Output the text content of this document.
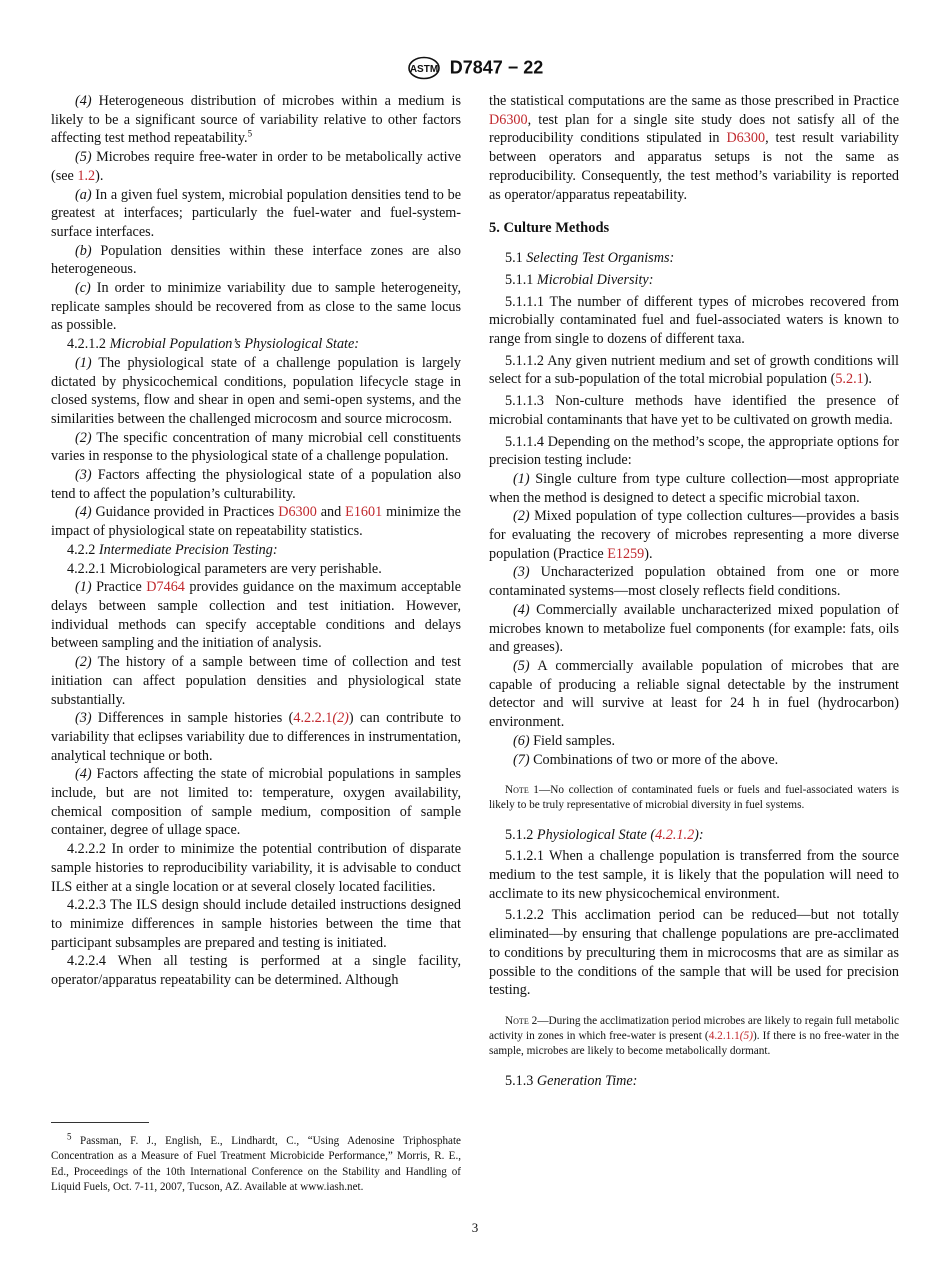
ASTM D7847 − 22

(4) Heterogeneous distribution of microbes within a medium is likely to be a significant source of variability relative to other factors affecting test method repeatability.$^5$

(5) Microbes require free-water in order to be metabolically active (see 1.2).

(a) In a given fuel system, microbial population densities tend to be greatest at interfaces; particularly the fuel-water and fuel-system-surface interfaces.

(b) Population densities within these interface zones are also heterogeneous.

(c) In order to minimize variability due to sample heterogeneity, replicate samples should be recovered from as close to the same locus as possible.

4.2.1.2 Microbial Population’s Physiological State:

(1) The physiological state of a challenge population is largely dictated by physicochemical conditions, population lifecycle stage in closed systems, flow and shear in open and semi-open systems, and the similarities between the challenged microcosm and source microcosm.

(2) The specific concentration of many microbial cell constituents varies in response to the physiological state of a challenge population.

(3) Factors affecting the physiological state of a population also tend to affect the population’s culturability.

(4) Guidance provided in Practices D6300 and E1601 minimize the impact of physiological state on repeatability statistics.

4.2.2 Intermediate Precision Testing:

4.2.2.1 Microbiological parameters are very perishable.

(1) Practice D7464 provides guidance on the maximum acceptable delays between sample collection and test initiation. However, individual methods can specify acceptable conditions and delays between sampling and the initiation of analysis.

(2) The history of a sample between time of collection and test initiation can affect population densities and physiological state substantially.

(3) Differences in sample histories (4.2.2.1(2)) can contribute to variability that eclipses variability due to differences in instrumentation, analytical technique or both.

(4) Factors affecting the state of microbial populations in samples include, but are not limited to: temperature, oxygen availability, chemical composition of sample medium, composition of sample container, degree of ullage space.

4.2.2.2 In order to minimize the potential contribution of disparate sample histories to reproducibility variability, it is advisable to conduct ILS either at a single location or at several closely located facilities.

4.2.2.3 The ILS design should include detailed instructions designed to minimize differences in sample histories between the time that participant subsamples are prepared and testing is initiated.

4.2.2.4 When all testing is performed at a single facility, operator/apparatus repeatability can be determined. Although

the statistical computations are the same as those prescribed in Practice D6300, test plan for a single site study does not satisfy all of the reproducibility conditions stipulated in D6300, test result variability between operators and apparatus setups is not the same as reproducibility. Consequently, the test method’s variability is reported as operator/apparatus repeatability.

5. Culture Methods

5.1 Selecting Test Organisms:

5.1.1 Microbial Diversity:

5.1.1.1 The number of different types of microbes recovered from microbially contaminated fuel and fuel-associated waters is known to range from single to dozens of different taxa.

5.1.1.2 Any given nutrient medium and set of growth conditions will select for a sub-population of the total microbial population (5.2.1).

5.1.1.3 Non-culture methods have identified the presence of microbial contaminants that have yet to be cultivated on growth media.

5.1.1.4 Depending on the method’s scope, the appropriate options for precision testing include:

(1) Single culture from type culture collection—most appropriate when the method is designed to detect a specific microbial taxon.

(2) Mixed population of type collection cultures—provides a basis for evaluating the recovery of microbes representing a more diverse population (Practice E1259).

(3) Uncharacterized population obtained from one or more contaminated systems—most closely reflects field conditions.

(4) Commercially available uncharacterized mixed population of microbes known to metabolize fuel components (for example: fats, oils and greases).

(5) A commercially available population of microbes that are capable of producing a reliable signal detectable by the instrument detector and will survive at least for 24 h in fuel (hydrocarbon) environment.

(6) Field samples.

(7) Combinations of two or more of the above.

Note 1—No collection of contaminated fuels or fuels and fuel-associated waters is likely to be truly representative of microbial diversity in fuel systems.

5.1.2 Physiological State (4.2.1.2):

5.1.2.1 When a challenge population is transferred from the source medium to the test sample, it is likely that the population will need to acclimate to its new physicochemical environment.

5.1.2.2 This acclimation period can be reduced—but not totally eliminated—by ensuring that challenge populations are pre-acclimated to conditions by preculturing them in microcosms that are as similar as possible to the conditions of the sample that will be used for precision testing.

Note 2—During the acclimatization period microbes are likely to regain full metabolic activity in zones in which free-water is present (4.2.1.1(5)). If there is no free-water in the sample, microbes are likely to become metabolically dormant.

5.1.3 Generation Time:

$^5$ Passman, F. J., English, E., Lindhardt, C., “Using Adenosine Triphosphate Concentration as a Measure of Fuel Treatment Microbicide Performance,” Morris, R. E., Ed., Proceedings of the 10th International Conference on the Stability and Handling of Liquid Fuels, Oct. 7-11, 2007, Tucson, AZ. Available at www.iash.net.
3
